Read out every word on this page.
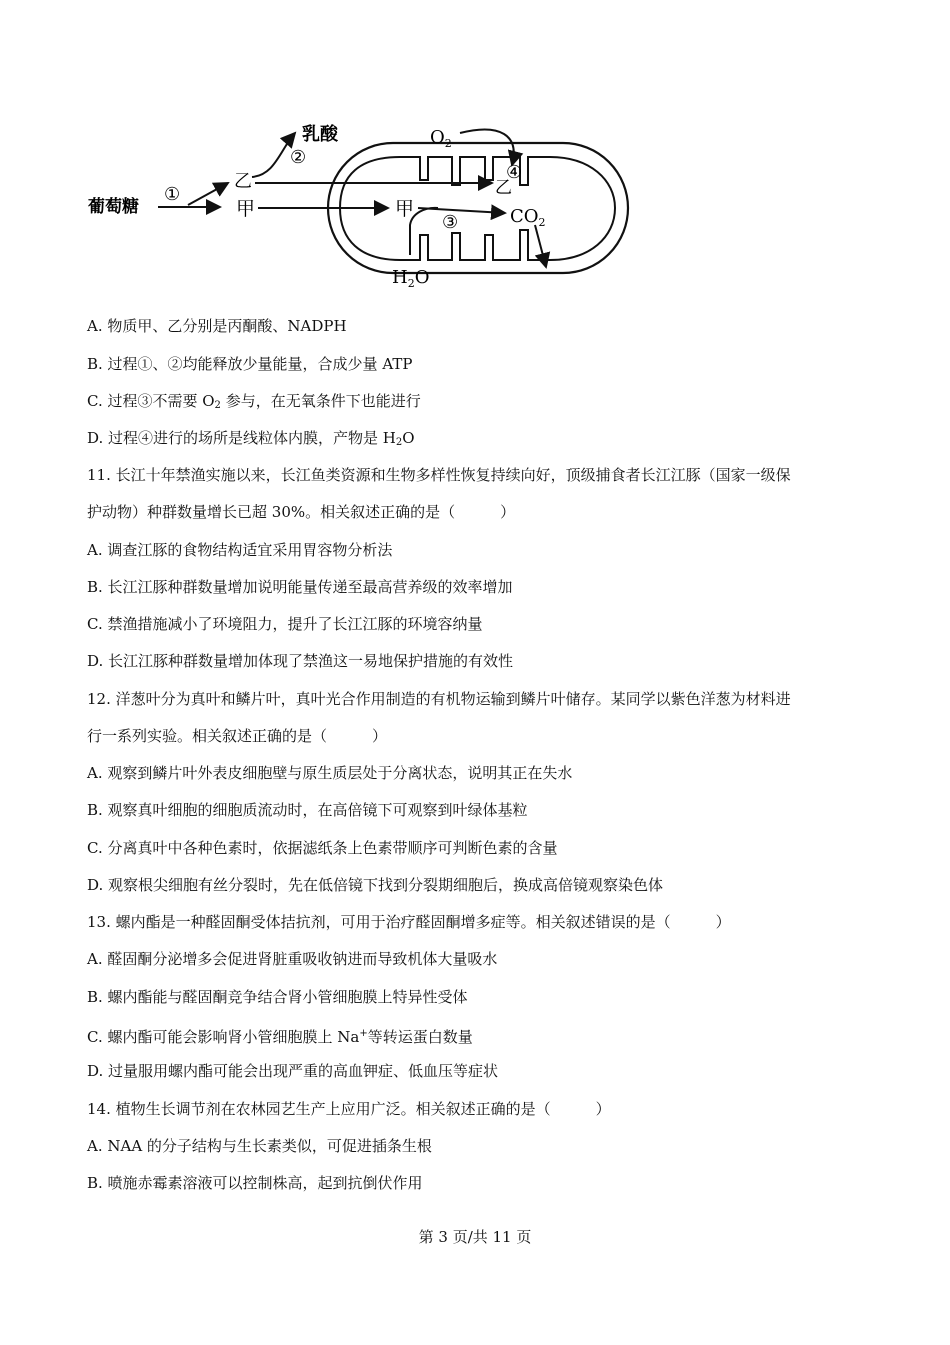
葡萄糖
①
甲
乙
②
乳酸
甲
③	$CO_2$
$H_2O$
$O_2$
④
乙
A. 物质甲、乙分别是丙酮酸、NADPH
B. 过程①、②均能释放少量能量，合成少量 ATP
C. 过程③不需要 $O_2$ 参与，在无氧条件下也能进行
D. 过程④进行的场所是线粒体内膜，产物是 $H_2O$
11. 长江十年禁渔实施以来，长江鱼类资源和生物多样性恢复持续向好，顶级捕食者长江江豚（国家一级保
护动物）种群数量增长已超 30%。相关叙述正确的是（　　　）
A. 调查江豚的食物结构适宜采用胃容物分析法
B. 长江江豚种群数量增加说明能量传递至最高营养级的效率增加
C. 禁渔措施减小了环境阻力，提升了长江江豚的环境容纳量
D. 长江江豚种群数量增加体现了禁渔这一易地保护措施的有效性
12. 洋葱叶分为真叶和鳞片叶，真叶光合作用制造的有机物运输到鳞片叶储存。某同学以紫色洋葱为材料进
行一系列实验。相关叙述正确的是（　　　）
A. 观察到鳞片叶外表皮细胞壁与原生质层处于分离状态，说明其正在失水
B. 观察真叶细胞的细胞质流动时，在高倍镜下可观察到叶绿体基粒
C. 分离真叶中各种色素时，依据滤纸条上色素带顺序可判断色素的含量
D. 观察根尖细胞有丝分裂时，先在低倍镜下找到分裂期细胞后，换成高倍镜观察染色体
13. 螺内酯是一种醛固酮受体拮抗剂，可用于治疗醛固酮增多症等。相关叙述错误的是（　　　）
A. 醛固酮分泌增多会促进肾脏重吸收钠进而导致机体大量吸水
B. 螺内酯能与醛固酮竞争结合肾小管细胞膜上特异性受体
C. 螺内酯可能会影响肾小管细胞膜上 Na+等转运蛋白数量
D. 过量服用螺内酯可能会出现严重的高血钾症、低血压等症状
14. 植物生长调节剂在农林园艺生产上应用广泛。相关叙述正确的是（　　　）
A. NAA 的分子结构与生长素类似，可促进插条生根
B. 喷施赤霉素溶液可以控制株高，起到抗倒伏作用
第 3 页/共 11 页
